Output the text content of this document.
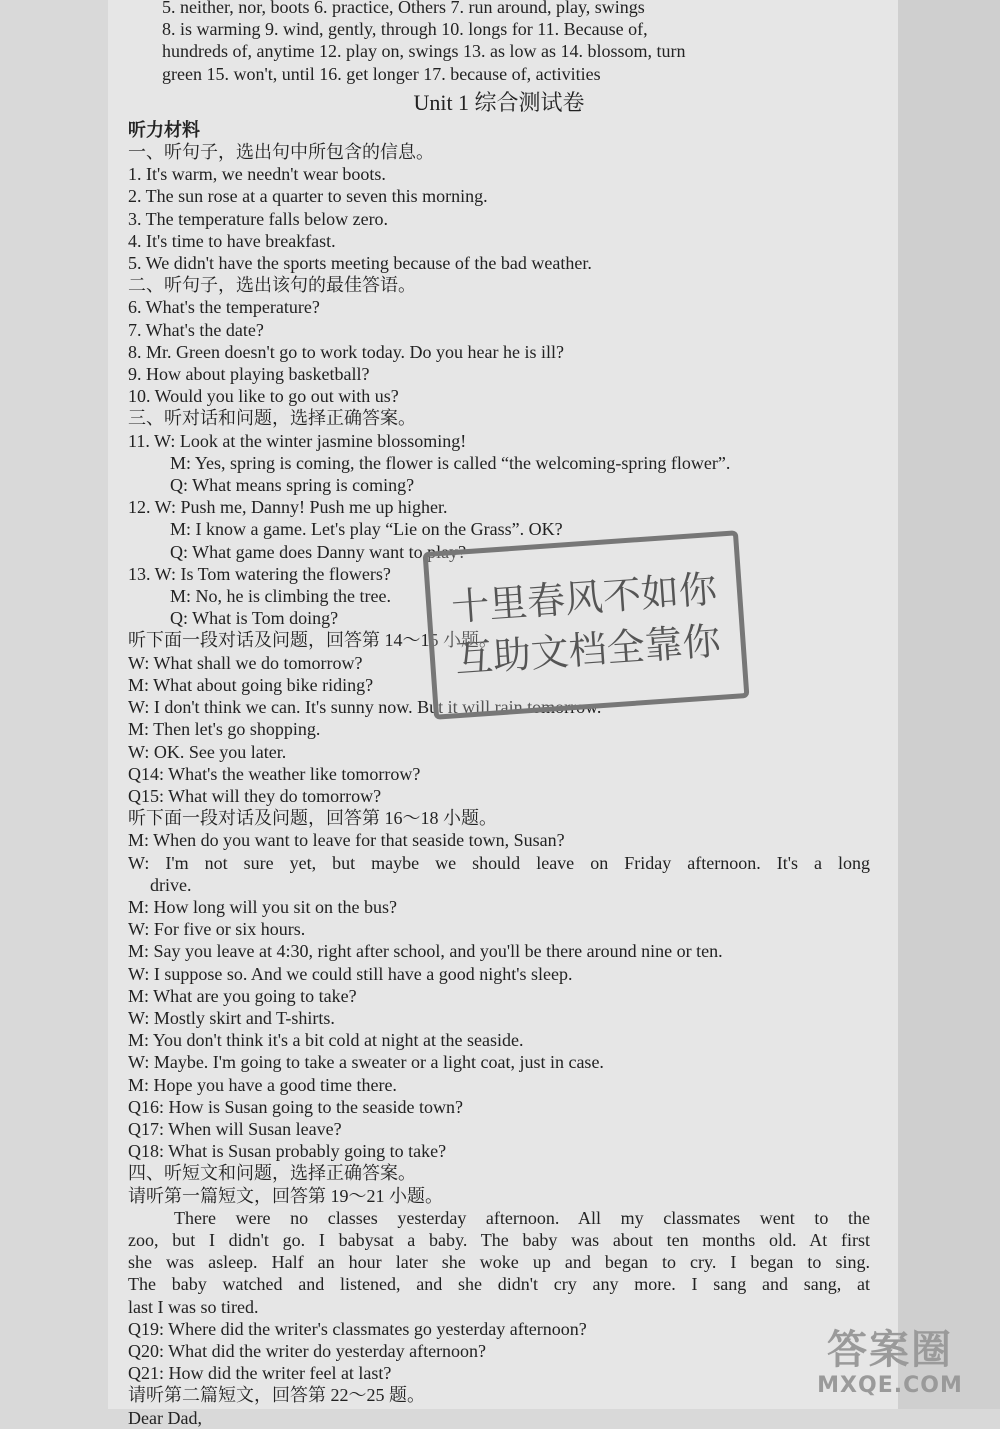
5. neither, nor, boots 6. practice, Others 7. run around, play, swings
8. is warming 9. wind, gently, through 10. longs for 11. Because of,
hundreds of, anytime 12. play on, swings 13. as low as 14. blossom, turn
green 15. won't, until 16. get longer 17. because of, activities
Unit 1 综合测试卷
听力材料
一、听句子，选出句中所包含的信息。
1. It's warm, we needn't wear boots.
2. The sun rose at a quarter to seven this morning.
3. The temperature falls below zero.
4. It's time to have breakfast.
5. We didn't have the sports meeting because of the bad weather.
二、听句子，选出该句的最佳答语。
6. What's the temperature?
7. What's the date?
8. Mr. Green doesn't go to work today. Do you hear he is ill?
9. How about playing basketball?
10. Would you like to go out with us?
三、听对话和问题，选择正确答案。
11. W: Look at the winter jasmine blossoming!
M: Yes, spring is coming, the flower is called “the welcoming-spring flower”.
Q: What means spring is coming?
12. W: Push me, Danny! Push me up higher.
M: I know a game. Let's play “Lie on the Grass”. OK?
Q: What game does Danny want to play?
13. W: Is Tom watering the flowers?
M: No, he is climbing the tree.
Q: What is Tom doing?
听下面一段对话及问题，回答第 14～15 小题。
W: What shall we do tomorrow?
M: What about going bike riding?
W: I don't think we can. It's sunny now. But it will rain tomorrow.
M: Then let's go shopping.
W: OK. See you later.
Q14: What's the weather like tomorrow?
Q15: What will they do tomorrow?
听下面一段对话及问题，回答第 16～18 小题。
M: When do you want to leave for that seaside town, Susan?
W: I'm not sure yet, but maybe we should leave on Friday afternoon. It's a long
drive.
M: How long will you sit on the bus?
W: For five or six hours.
M: Say you leave at 4:30, right after school, and you'll be there around nine or ten.
W: I suppose so. And we could still have a good night's sleep.
M: What are you going to take?
W: Mostly skirt and T-shirts.
M: You don't think it's a bit cold at night at the seaside.
W: Maybe. I'm going to take a sweater or a light coat, just in case.
M: Hope you have a good time there.
Q16: How is Susan going to the seaside town?
Q17: When will Susan leave?
Q18: What is Susan probably going to take?
四、听短文和问题，选择正确答案。
请听第一篇短文，回答第 19～21 小题。
There were no classes yesterday afternoon. All my classmates went to the
zoo, but I didn't go. I babysat a baby. The baby was about ten months old. At first
she was asleep. Half an hour later she woke up and began to cry. I began to sing.
The baby watched and listened, and she didn't cry any more. I sang and sang, at
last I was so tired.
Q19: Where did the writer's classmates go yesterday afternoon?
Q20: What did the writer do yesterday afternoon?
Q21: How did the writer feel at last?
请听第二篇短文，回答第 22～25 题。
Dear Dad,
十里春风不如你
互助文档全靠你
答案圈
MXQE.COM
